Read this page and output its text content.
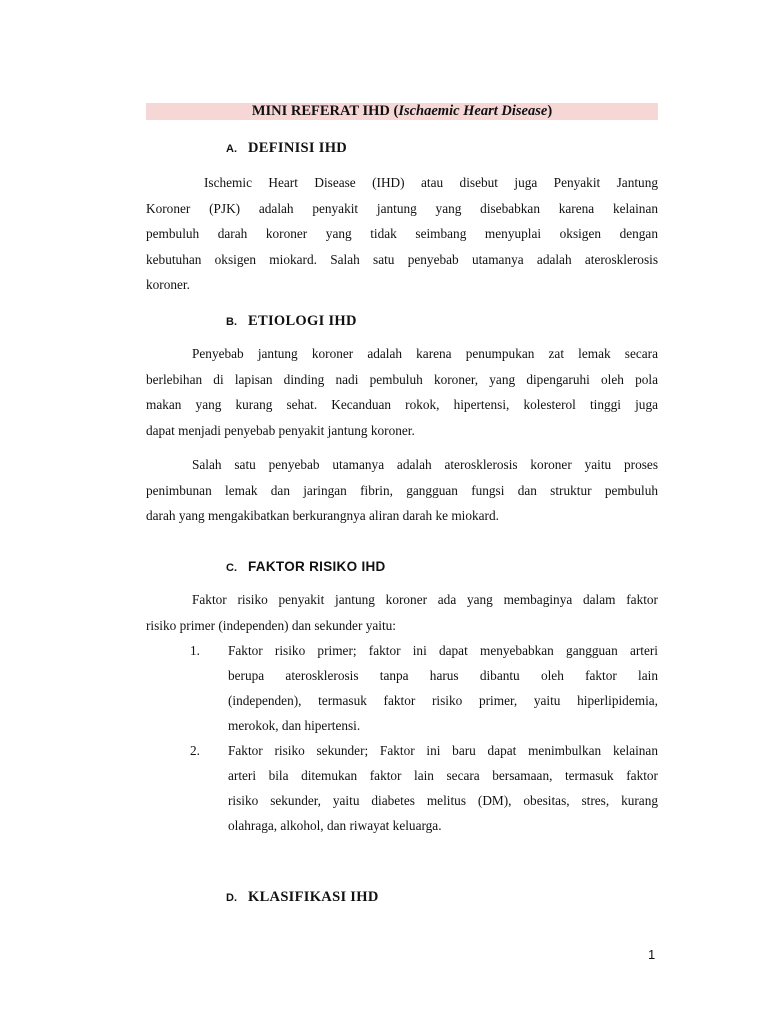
MINI REFERAT IHD (Ischaemic Heart Disease)
A. DEFINISI IHD
Ischemic Heart Disease (IHD) atau disebut juga Penyakit Jantung
Koroner (PJK) adalah penyakit jantung yang disebabkan karena kelainan
pembuluh darah koroner yang tidak seimbang menyuplai oksigen dengan
kebutuhan oksigen miokard. Salah satu penyebab utamanya adalah aterosklerosis
koroner.
B. ETIOLOGI IHD
Penyebab jantung koroner adalah karena penumpukan zat lemak secara
berlebihan di lapisan dinding nadi pembuluh koroner, yang dipengaruhi oleh pola
makan yang kurang sehat. Kecanduan rokok, hipertensi, kolesterol tinggi juga
dapat menjadi penyebab penyakit jantung koroner.
Salah satu penyebab utamanya adalah aterosklerosis koroner yaitu proses
penimbunan lemak dan jaringan fibrin, gangguan fungsi dan struktur pembuluh
darah yang mengakibatkan berkurangnya aliran darah ke miokard.
C. FAKTOR RISIKO IHD
Faktor risiko penyakit jantung koroner ada yang membaginya dalam faktor
risiko primer (independen) dan sekunder yaitu:
1. Faktor risiko primer; faktor ini dapat menyebabkan gangguan arteri
berupa aterosklerosis tanpa harus dibantu oleh faktor lain
(independen), termasuk faktor risiko primer, yaitu hiperlipidemia,
merokok, dan hipertensi.
2. Faktor risiko sekunder; Faktor ini baru dapat menimbulkan kelainan
arteri bila ditemukan faktor lain secara bersamaan, termasuk faktor
risiko sekunder, yaitu diabetes melitus (DM), obesitas, stres, kurang
olahraga, alkohol, dan riwayat keluarga.
D. KLASIFIKASI IHD
1
